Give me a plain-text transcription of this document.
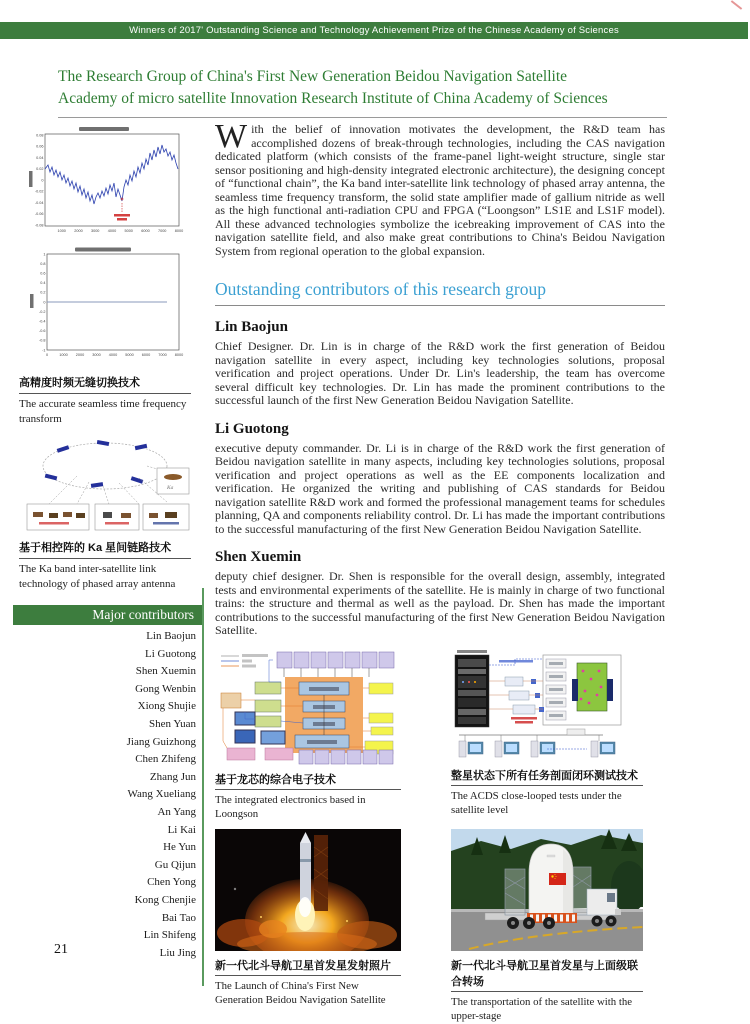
Winners of 2017' Outstanding Science and Technology Achievement Prize of the Chinese Academy of Sciences
The Research Group of China's First New Generation Beidou Navigation Satellite
Academy of micro satellite Innovation Research Institute of China Academy of Sciences
0.08
0.06
0.04
0.02
0
-0.02
-0.04
-0.06
-0.08
1000 2000 3000 4000 5000 6000 7000 8000
1
0.8
0.6
0.4
0.2
0
-0.2
-0.4
-0.6
-0.8
-1
0	1000 2000 3000 4000 5000 6000 7000 8000
高精度时频无缝切换技术
The accurate seamless time frequency transform
Ka
基于相控阵的 Ka 星间链路技术
The Ka band inter-satellite link technology of phased array antenna
Major contributors
Lin Baojun
Li Guotong
Shen Xuemin
Gong Wenbin
Xiong Shujie
Shen Yuan
Jiang Guizhong
Chen Zhifeng
Zhang Jun
Wang Xueliang
An Yang
Li Kai
He Yun
Gu Qijun
Chen Yong
Kong Chenjie
Bai Tao
Lin Shifeng
Liu Jing
21

With the belief of innovation motivates the development, the R&D team has accomplished dozens of break-through technologies, including the CAS navigation dedicated platform (which consists of the frame-panel light-weight structure, single star sensor positioning and high-density integrated electronic architecture), the designing concept of “functional chain”, the Ka band inter-satellite link technology of phased array antenna, the seamless time frequency transform, the solid state amplifier made of gallium nitride as well as the high functional anti-radiation CPU and FPGA (“Loongson” LS1E and LS1F model). All these advanced technologies symbolize the icebreaking improvement of CAS into the navigation satellite field, and also make great contributions to China's Beidou Navigation System from regional operation to the global expansion.

Outstanding contributors of this research group
Lin Baojun

Chief Designer. Dr. Lin is in charge of the R&D work the first generation of Beidou navigation satellite in every aspect, including key technologies solutions, proposal verification and project operations. Under Dr. Lin's leadership, the team has overcome several difficult key technologies. Dr. Lin has made the prominent contributions to the successful launch of the first New Generation Beidou Navigation Satellite.

Li Guotong

executive deputy commander. Dr. Li is in charge of the R&D work the first generation of Beidou navigation satellite in many aspects, including key technologies solutions, proposal verification and project operations as well as the EE components localization and verification. He organized the writing and publishing of CAS standards for Beidou navigation satellite R&D work and formed the professional management teams for schedules planning, QA and components reliability control. Dr. Li has made the important contributions to the successful manufacturing of the first New Generation Beidou Navigation Satellite.

Shen Xuemin

deputy chief designer. Dr. Shen is responsible for the overall design, assembly, integrated tests and environmental experiments of the satellite. He is mainly in charge of two functional trains: the structure and thermal as well as the payload. Dr. Shen has made the important contributions to the successful manufacturing of the first New Generation Beidou Navigation Satellite.

基于龙芯的综合电子技术
The integrated electronics based in Loongson
整星状态下所有任务剖面闭环测试技术
The ACDS close-looped tests under the satellite level
新一代北斗导航卫星首发星发射照片
The Launch of China's First New Generation Beidou Navigation Satellite
新一代北斗导航卫星首发星与上面级联合转场
The transportation of the satellite with the upper-stage
